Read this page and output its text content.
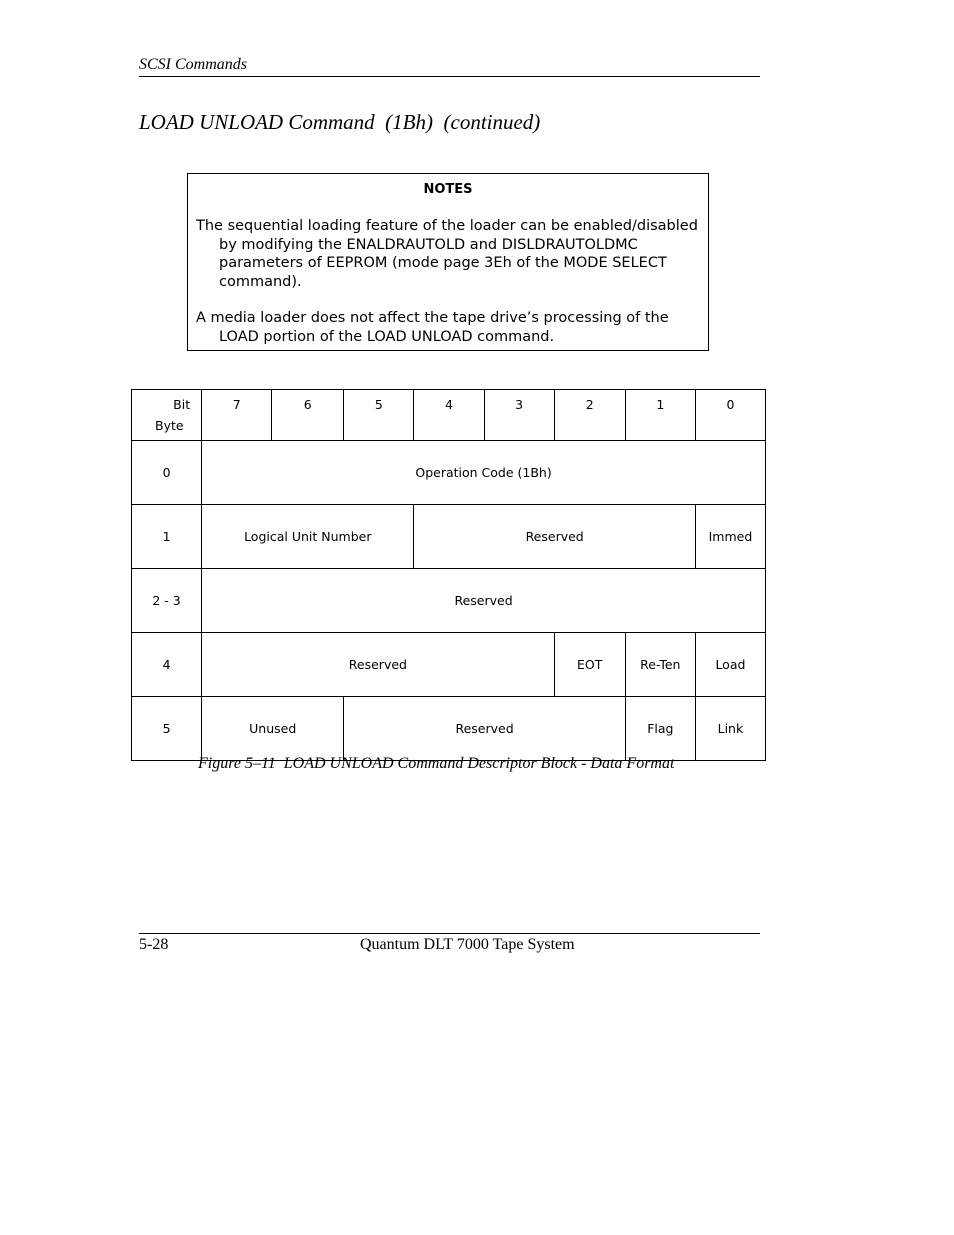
SCSI Commands
LOAD UNLOAD Command  (1Bh)  (continued)
NOTES
The sequential loading feature of the loader can be enabled/disabled by modifying the ENALDRAUTOLD and DISLDRAUTOLDMC parameters of EEPROM (mode page 3Eh of the MODE SELECT command).
A media loader does not affect the tape drive’s processing of the LOAD portion of the LOAD UNLOAD command.
Bit
Byte	7	6	5	4	3	2	1	0
0	Operation Code (1Bh)							
1	Logical Unit Number			Reserved				Immed
2 - 3	Reserved							
4	Reserved					EOT	Re-Ten	Load
5	Unused		Reserved				Flag	Link
Figure 5–11  LOAD UNLOAD Command Descriptor Block - Data Format
5-28	Quantum DLT 7000 Tape System
